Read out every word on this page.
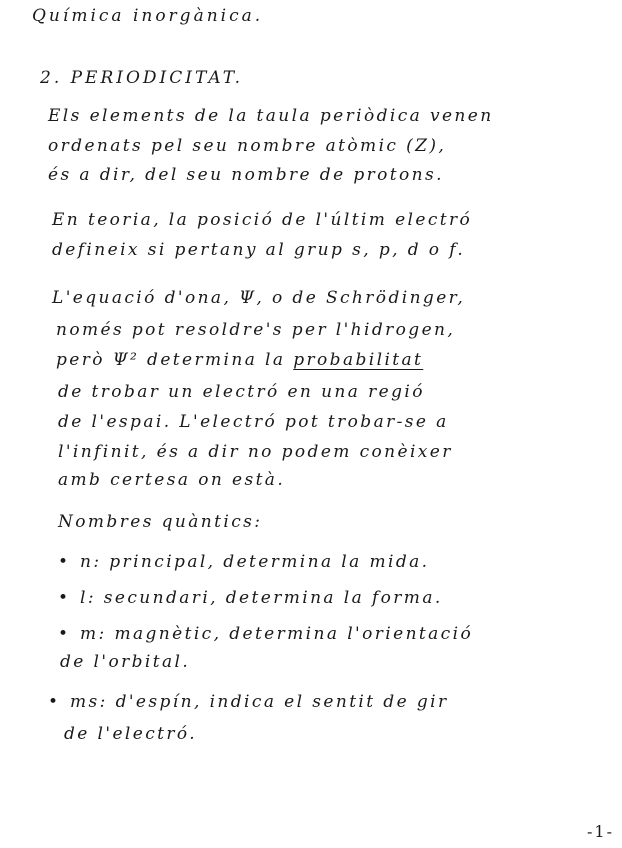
Química inorgànica.
2. PERIODICITAT.
Els elements de la taula periòdica venen
ordenats pel seu nombre atòmic (Z),
és a dir, del seu nombre de protons.
En teoria, la posició de l'últim electró
defineix si pertany al grup s, p, d o f.
L'equació d'ona, Ψ, o de Schrödinger,
només pot resoldre's per l'hidrogen,
però Ψ² determina la probabilitat
de trobar un electró en una regió
de l'espai. L'electró pot trobar-se a
l'infinit, és a dir no podem conèixer
amb certesa on està.
Nombres quàntics:
• n: principal, determina la mida.
• l: secundari, determina la forma.
• m: magnètic, determina l'orientació
de l'orbital.
• ms: d'espín, indica el sentit de gir
de l'electró.
-1-
